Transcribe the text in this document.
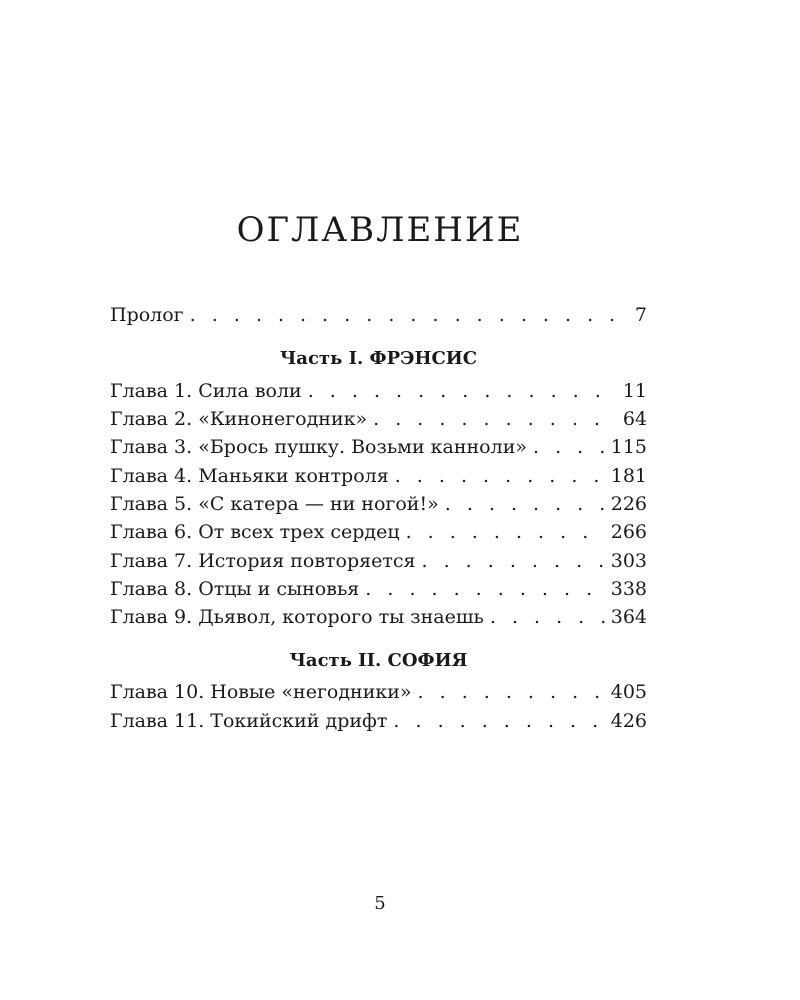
ОГЛАВЛЕНИЕ
Пролог . . .	7
Часть I. ФРЭНСИС
Глава 1. Сила воли . . .	11
Глава 2. «Кинонегодник» . . .	64
Глава 3. «Брось пушку. Возьми канноли» . . .	115
Глава 4. Маньяки контроля . . .	181
Глава 5. «С катера — ни ногой!» . . .	226
Глава 6. От всех трех сердец . . .	266
Глава 7. История повторяется . . .	303
Глава 8. Отцы и сыновья . . .	338
Глава 9. Дьявол, которого ты знаешь . . .	364
Часть II. СОФИЯ
Глава 10. Новые «негодники» . . .	405
Глава 11. Токийский дрифт . . .	426
5
